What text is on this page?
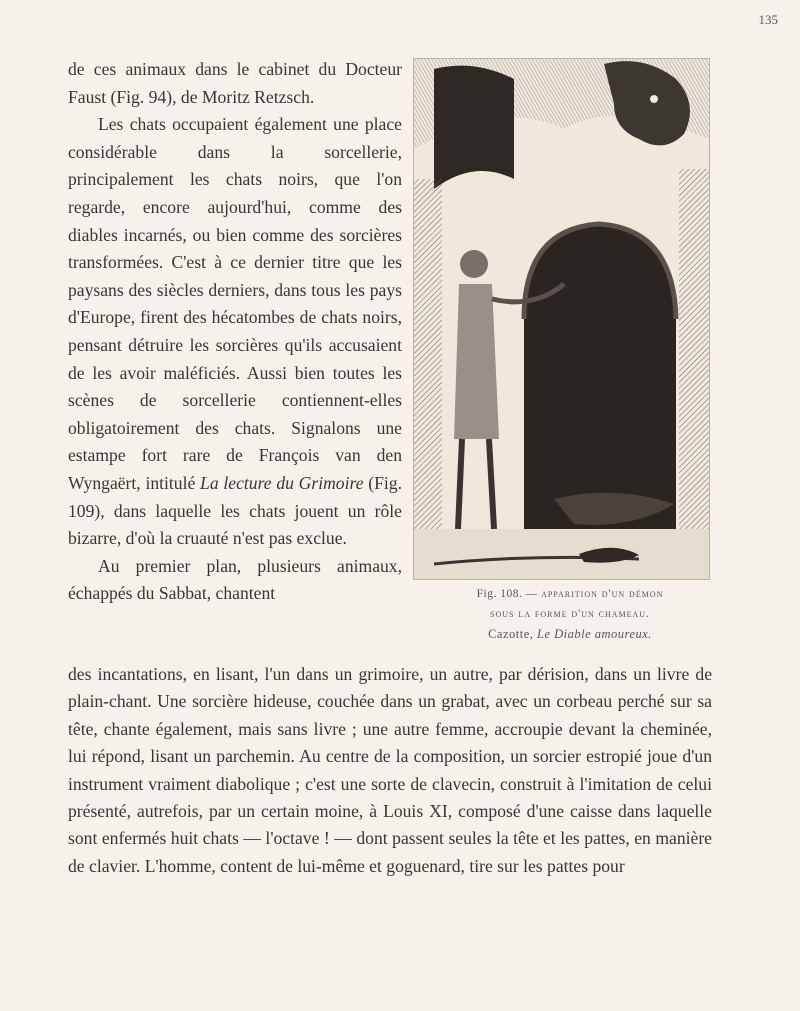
135

de ces animaux dans le cabinet du Docteur Faust (Fig. 94), de Moritz Retzsch.

Les chats occupaient également une place considérable dans la sorcellerie, principalement les chats noirs, que l'on regarde, encore aujourd'hui, comme des diables incarnés, ou bien comme des sorcières transformées. C'est à ce dernier titre que les paysans des siècles derniers, dans tous les pays d'Europe, firent des hécatombes de chats noirs, pensant détruire les sorcières qu'ils accusaient de les avoir maléficiés. Aussi bien toutes les scènes de sorcellerie contiennent-elles obligatoirement des chats. Signalons une estampe fort rare de François van den Wyngaërt, intitulé La lecture du Grimoire (Fig. 109), dans laquelle les chats jouent un rôle bizarre, d'où la cruauté n'est pas exclue.

Au premier plan, plusieurs animaux, échappés du Sabbat, chantent	Fig. 108. — apparition d'un démon
sous la forme d'un chameau.
Cazotte, Le Diable amoureux.

des incantations, en lisant, l'un dans un grimoire, un autre, par dérision, dans un livre de plain-chant. Une sorcière hideuse, couchée dans un grabat, avec un corbeau perché sur sa tête, chante également, mais sans livre ; une autre femme, accroupie devant la cheminée, lui répond, lisant un parchemin. Au centre de la composition, un sorcier estropié joue d'un instrument vraiment diabolique ; c'est une sorte de clavecin, construit à l'imitation de celui présenté, autrefois, par un certain moine, à Louis XI, composé d'une caisse dans laquelle sont enfermés huit chats — l'octave ! — dont passent seules la tête et les pattes, en manière de clavier. L'homme, content de lui-même et goguenard, tire sur les pattes pour
